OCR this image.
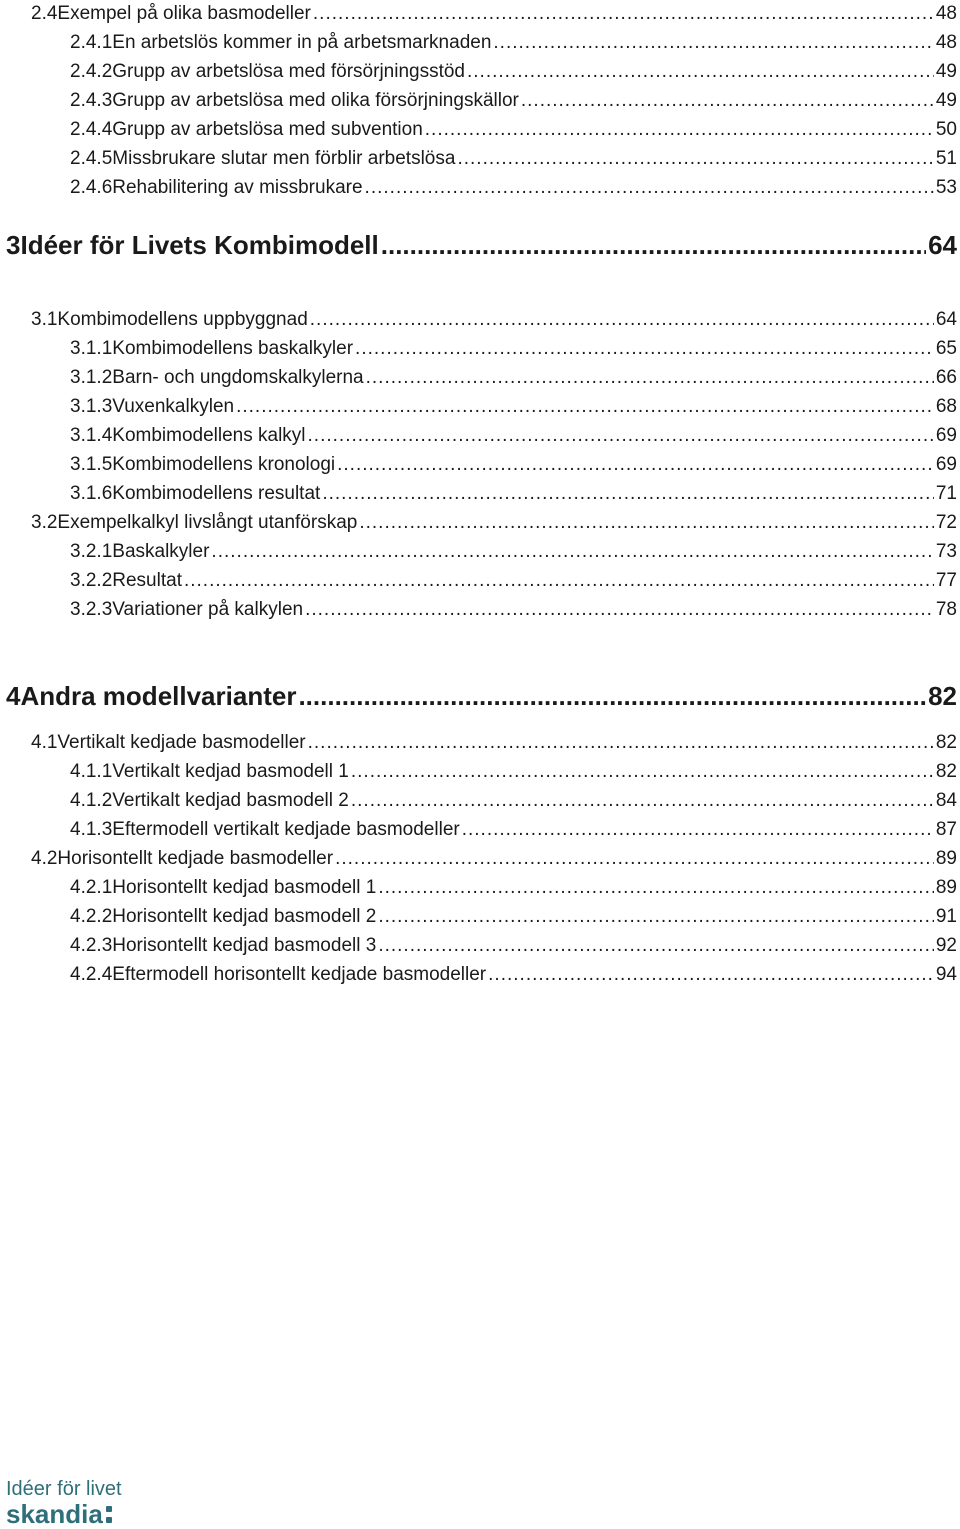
2.4 Exempel på olika basmodeller .....	48
2.4.1 En arbetslös kommer in på arbetsmarknaden .....	48
2.4.2 Grupp av arbetslösa med försörjningsstöd .....	49
2.4.3 Grupp av arbetslösa med olika försörjningskällor .....	49
2.4.4 Grupp av arbetslösa med subvention .....	50
2.4.5 Missbrukare slutar men förblir arbetslösa .....	51
2.4.6 Rehabilitering av missbrukare .....	53
3 Idéer för Livets Kombimodell .....	64
3.1 Kombimodellens uppbyggnad .....	64
3.1.1 Kombimodellens baskalkyler .....	65
3.1.2 Barn- och ungdomskalkylerna .....	66
3.1.3 Vuxenkalkylen .....	68
3.1.4 Kombimodellens kalkyl .....	69
3.1.5 Kombimodellens kronologi .....	69
3.1.6 Kombimodellens resultat .....	71
3.2 Exempelkalkyl livslångt utanförskap .....	72
3.2.1 Baskalkyler .....	73
3.2.2 Resultat .....	77
3.2.3 Variationer på kalkylen .....	78
4 Andra modellvarianter .....	82
4.1 Vertikalt kedjade basmodeller .....	82
4.1.1 Vertikalt kedjad basmodell 1 .....	82
4.1.2 Vertikalt kedjad basmodell 2 .....	84
4.1.3 Eftermodell vertikalt kedjade basmodeller .....	87
4.2 Horisontellt kedjade basmodeller .....	89
4.2.1 Horisontellt kedjad basmodell 1 .....	89
4.2.2 Horisontellt kedjad basmodell 2 .....	91
4.2.3 Horisontellt kedjad basmodell 3 .....	92
4.2.4 Eftermodell horisontellt kedjade basmodeller .....	94
Idéer för livet
skandia
